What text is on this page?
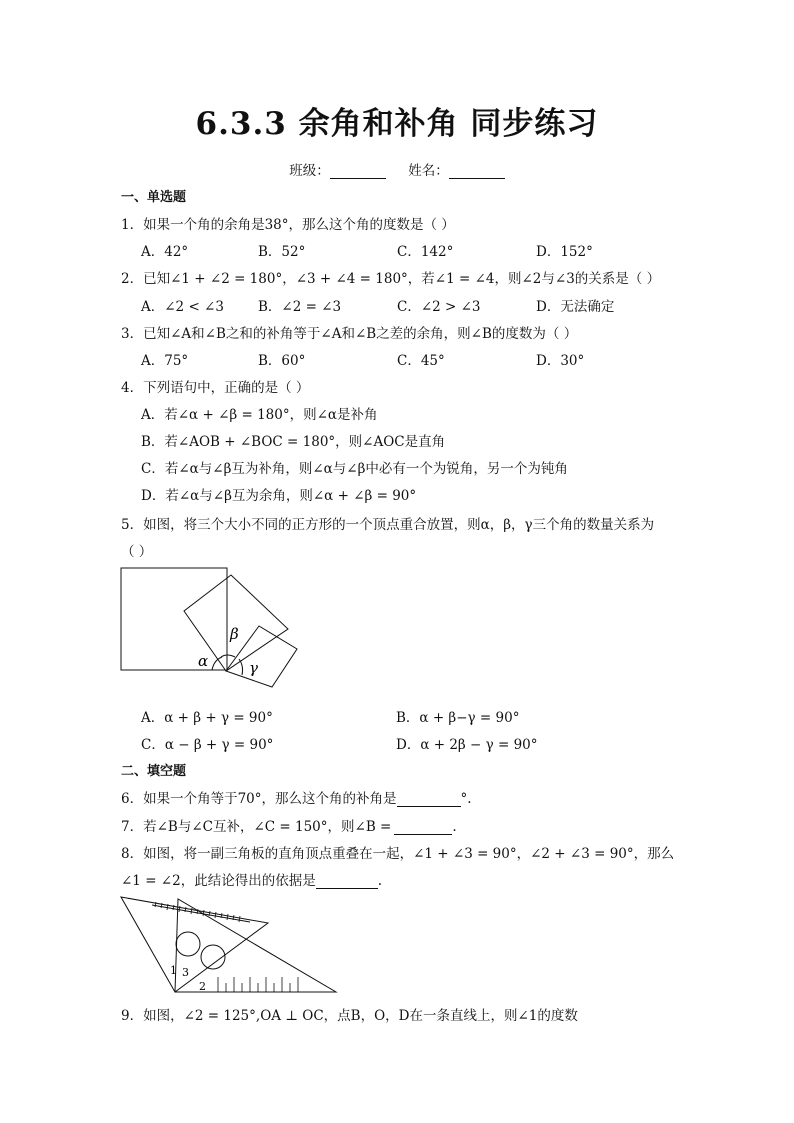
6.3.3 余角和补角 同步练习
班级：	姓名：
一、单选题
1．如果一个角的余角是38°，那么这个角的度数是（ ）
A．42°	B．52°	C．142°	D．152°
2．已知∠1 + ∠2 = 180°，∠3 + ∠4 = 180°，若∠1 = ∠4，则∠2与∠3的关系是（ ）
A．∠2 < ∠3	B．∠2 = ∠3	C．∠2 > ∠3	D．无法确定
3．已知∠A和∠B之和的补角等于∠A和∠B之差的余角，则∠B的度数为（ ）
A．75°	B．60°	C．45°	D．30°
4．下列语句中，正确的是（ ）
A．若∠α + ∠β = 180°，则∠α是补角
B．若∠AOB + ∠BOC = 180°，则∠AOC是直角
C．若∠α与∠β互为补角，则∠α与∠β中必有一个为锐角，另一个为钝角
D．若∠α与∠β互为余角，则∠α + ∠β = 90°
5．如图，将三个大小不同的正方形的一个顶点重合放置，则α，β，γ三个角的数量关系为
（ ）
α
β
γ
A．α + β + γ = 90°	B．α + β−γ = 90°
C．α − β + γ = 90°	D．α + 2β − γ = 90°
二、填空题
6．如果一个角等于70°，那么这个角的补角是	°.
7．若∠B与∠C互补，∠C = 150°，则∠B =	.
8．如图，将一副三角板的直角顶点重叠在一起，∠1 + ∠3 = 90°，∠2 + ∠3 = 90°，那么
∠1 = ∠2，此结论得出的依据是	.
1 3
2
9．如图，∠2 = 125°,OA ⊥ OC，点B，O，D在一条直线上，则∠1的度数
